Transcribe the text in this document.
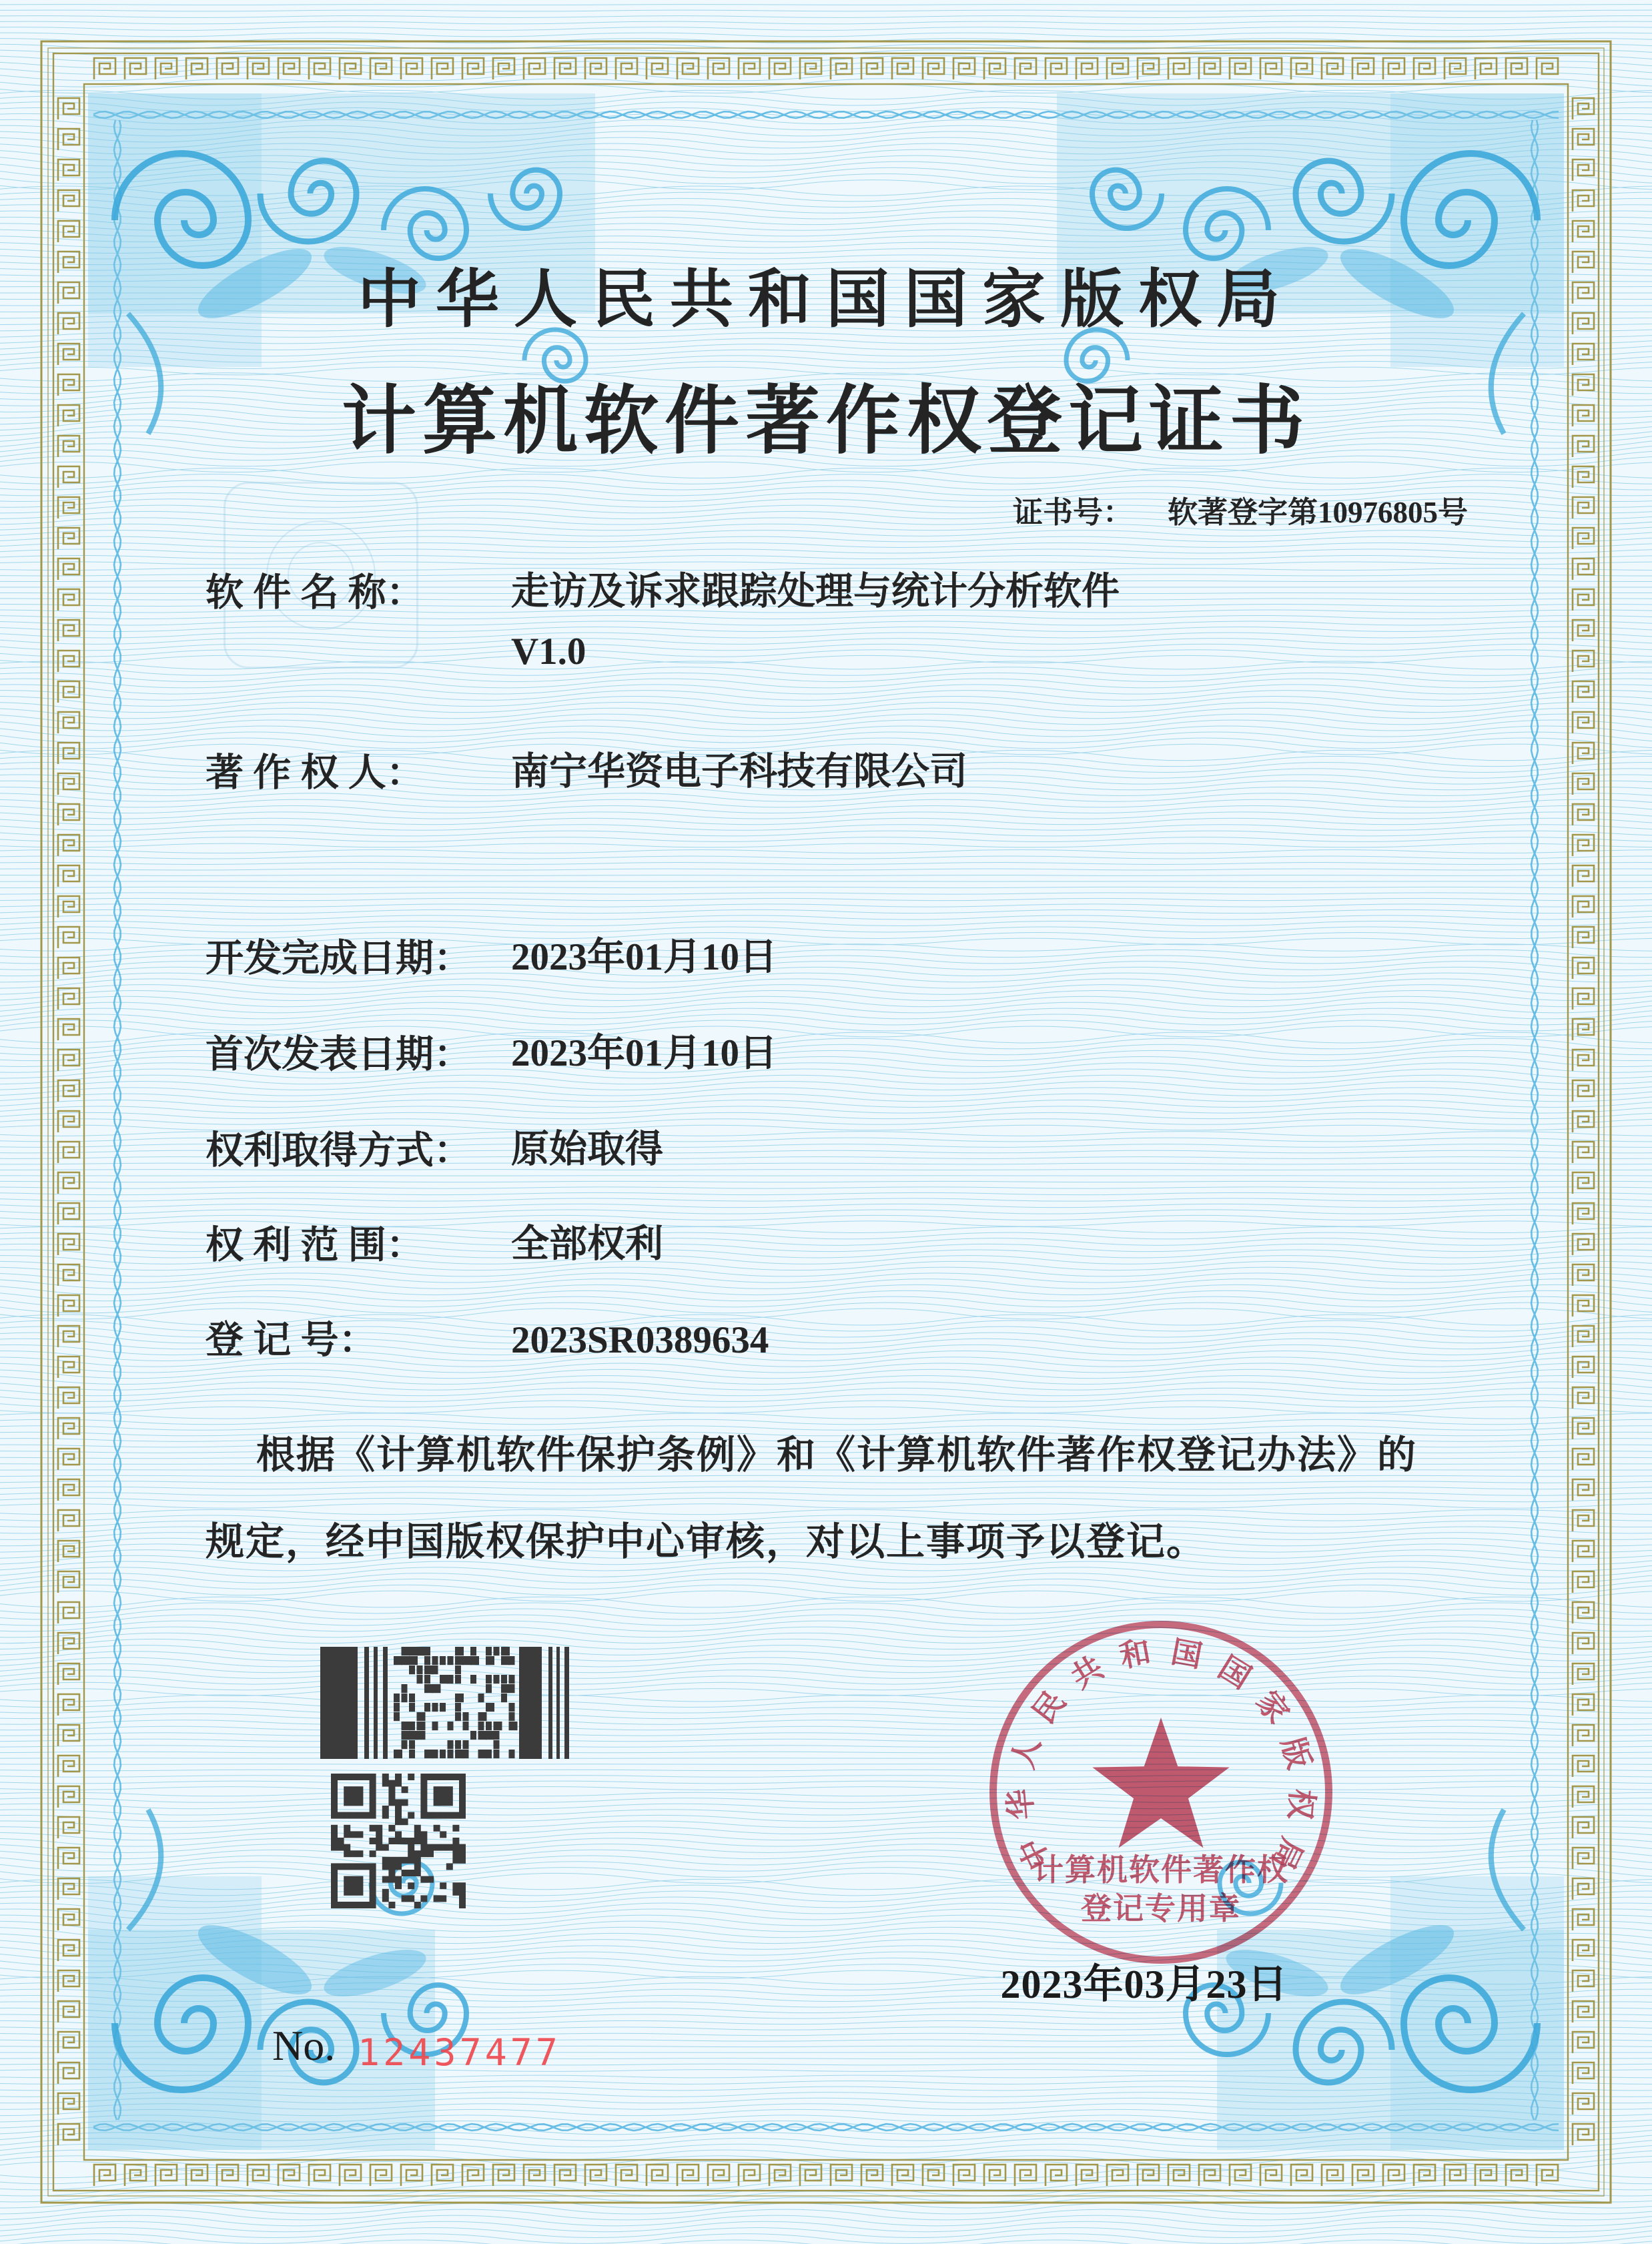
中华人民共和国国家版权局
计算机软件著作权登记证书
证书号： 软著登字第10976805号
软 件 名 称： 走访及诉求跟踪处理与统计分析软件
V1.0
著 作 权 人： 南宁华资电子科技有限公司
开发完成日期： 2023年01月10日
首次发表日期： 2023年01月10日
权利取得方式： 原始取得
权 利 范 围： 全部权利
登 记 号：	2023SR0389634
根据《计算机软件保护条例》和《计算机软件著作权登记办法》的
规定，经中国版权保护中心审核，对以上事项予以登记。
No. 12437477
计算机软件著作权
登记专用章
中
华
人
民
共 和 国 国
家
版
权
局
2023年03月23日
